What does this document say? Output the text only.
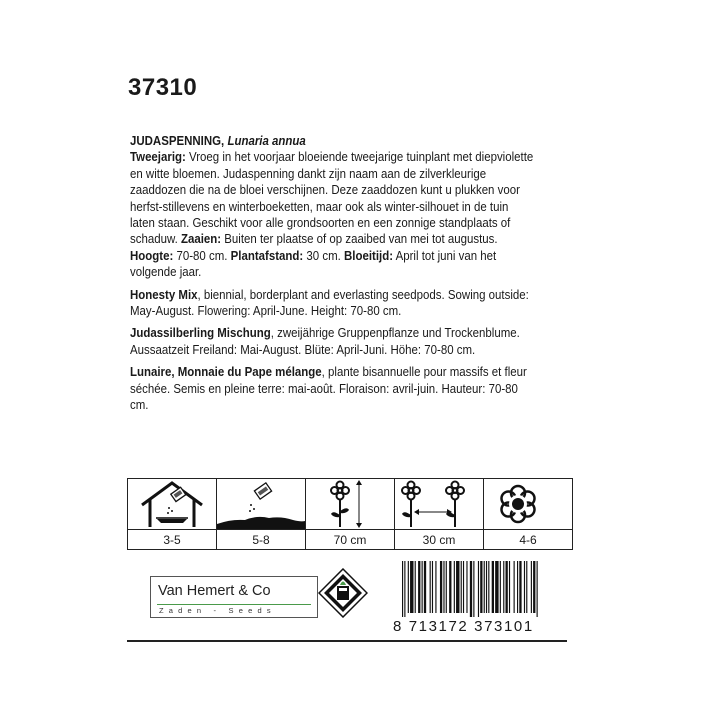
37310

JUDASPENNING, Lunaria annua
Tweejarig: Vroeg in het voorjaar bloeiende tweejarige tuinplant met diepviolette en witte bloemen. Judaspenning dankt zijn naam aan de zilverkleurige zaaddozen die na de bloei verschijnen. Deze zaaddozen kunt u plukken voor herfst-stillevens en winterboeketten, maar ook als winter-silhouet in de tuin laten staan. Geschikt voor alle grondsoorten en een zonnige standplaats of schaduw. Zaaien: Buiten ter plaatse of op zaaibed van mei tot augustus. Hoogte: 70-80 cm. Plantafstand: 30 cm. Bloeitijd: April tot juni van het volgende jaar.

Honesty Mix, biennial, borderplant and everlasting seedpods. Sowing outside: May-August. Flowering: April-June. Height: 70-80 cm.

Judassilberling Mischung, zweijährige Gruppenpflanze und Trockenblume. Aussaatzeit Freiland: Mai-August. Blüte: April-Juni. Höhe: 70-80 cm.

Lunaire, Monnaie du Pape mélange, plante bisannuelle pour massifs et fleur séchée. Semis en pleine terre: mai-août. Floraison: avril-juin. Hauteur: 70-80 cm.

3-5	5-8	70 cm	30 cm	4-6
Van Hemert & Co
Zaden - Seeds
8 713172 373101
